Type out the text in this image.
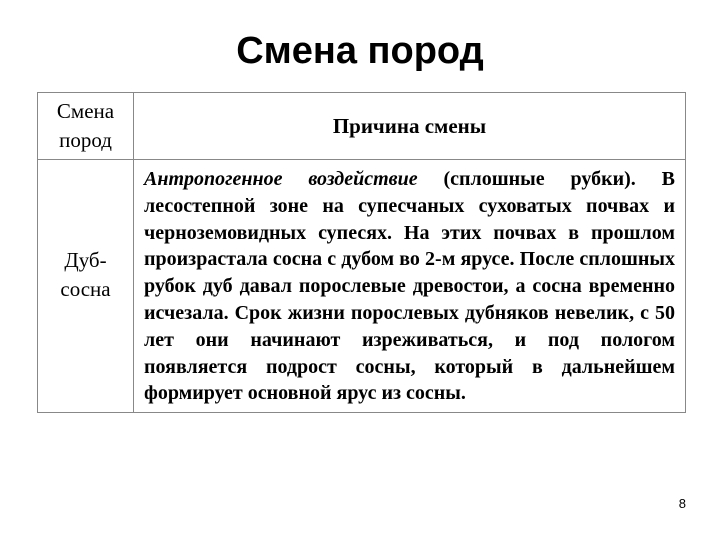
Смена пород
Смена
пород	Причина смены
Дуб-
сосна	Антропогенное воздействие (сплошные рубки). В лесостепной зоне на супесчаных суховатых почвах и черноземовидных супесях. На этих почвах в прошлом произрастала сосна с дубом во 2-м ярусе. После сплошных рубок дуб давал порослевые древостои, а сосна временно исчезала. Срок жизни порослевых дубняков невелик, с 50 лет они начинают изреживаться, и под пологом появляется подрост сосны, который в дальнейшем формирует основной ярус из сосны.
8
